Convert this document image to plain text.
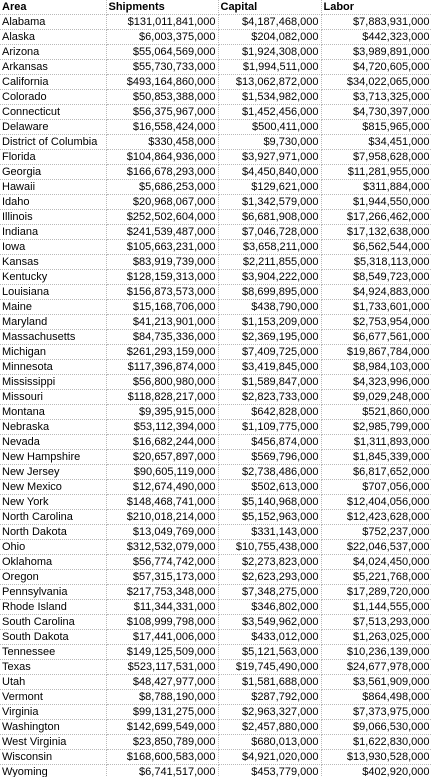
Area	Shipments	Capital	Labor
Alabama	$131,011,841,000	$4,187,468,000	$7,883,931,000
Alaska	$6,003,375,000	$204,082,000	$442,323,000
Arizona	$55,064,569,000	$1,924,308,000	$3,989,891,000
Arkansas	$55,730,733,000	$1,994,511,000	$4,720,605,000
California	$493,164,860,000	$13,062,872,000	$34,022,065,000
Colorado	$50,853,388,000	$1,534,982,000	$3,713,325,000
Connecticut	$56,375,967,000	$1,452,456,000	$4,730,397,000
Delaware	$16,558,424,000	$500,411,000	$815,965,000
District of Columbia	$330,458,000	$9,730,000	$34,451,000
Florida	$104,864,936,000	$3,927,971,000	$7,958,628,000
Georgia	$166,678,293,000	$4,450,840,000	$11,281,955,000
Hawaii	$5,686,253,000	$129,621,000	$311,884,000
Idaho	$20,968,067,000	$1,342,579,000	$1,944,550,000
Illinois	$252,502,604,000	$6,681,908,000	$17,266,462,000
Indiana	$241,539,487,000	$7,046,728,000	$17,132,638,000
Iowa	$105,663,231,000	$3,658,211,000	$6,562,544,000
Kansas	$83,919,739,000	$2,211,855,000	$5,318,113,000
Kentucky	$128,159,313,000	$3,904,222,000	$8,549,723,000
Louisiana	$156,873,573,000	$8,699,895,000	$4,924,883,000
Maine	$15,168,706,000	$438,790,000	$1,733,601,000
Maryland	$41,213,901,000	$1,153,209,000	$2,753,954,000
Massachusetts	$84,735,336,000	$2,369,195,000	$6,677,561,000
Michigan	$261,293,159,000	$7,409,725,000	$19,867,784,000
Minnesota	$117,396,874,000	$3,419,845,000	$8,984,103,000
Mississippi	$56,800,980,000	$1,589,847,000	$4,323,996,000
Missouri	$118,828,217,000	$2,823,733,000	$9,029,248,000
Montana	$9,395,915,000	$642,828,000	$521,860,000
Nebraska	$53,112,394,000	$1,109,775,000	$2,985,799,000
Nevada	$16,682,244,000	$456,874,000	$1,311,893,000
New Hampshire	$20,657,897,000	$569,796,000	$1,845,339,000
New Jersey	$90,605,119,000	$2,738,486,000	$6,817,652,000
New Mexico	$12,674,490,000	$502,613,000	$707,056,000
New York	$148,468,741,000	$5,140,968,000	$12,404,056,000
North Carolina	$210,018,214,000	$5,152,963,000	$12,423,628,000
North Dakota	$13,049,769,000	$331,143,000	$752,237,000
Ohio	$312,532,079,000	$10,755,438,000	$22,046,537,000
Oklahoma	$56,774,742,000	$2,273,823,000	$4,024,450,000
Oregon	$57,315,173,000	$2,623,293,000	$5,221,768,000
Pennsylvania	$217,753,348,000	$7,348,275,000	$17,289,720,000
Rhode Island	$11,344,331,000	$346,802,000	$1,144,555,000
South Carolina	$108,999,798,000	$3,549,962,000	$7,513,293,000
South Dakota	$17,441,006,000	$433,012,000	$1,263,025,000
Tennessee	$149,125,509,000	$5,121,563,000	$10,236,139,000
Texas	$523,117,531,000	$19,745,490,000	$24,677,978,000
Utah	$48,427,977,000	$1,581,688,000	$3,561,909,000
Vermont	$8,788,190,000	$287,792,000	$864,498,000
Virginia	$99,131,275,000	$2,963,327,000	$7,373,975,000
Washington	$142,699,549,000	$2,457,880,000	$9,066,530,000
West Virginia	$23,850,789,000	$680,013,000	$1,622,830,000
Wisconsin	$168,600,583,000	$4,921,020,000	$13,930,528,000
Wyoming	$6,741,517,000	$453,779,000	$402,920,000
